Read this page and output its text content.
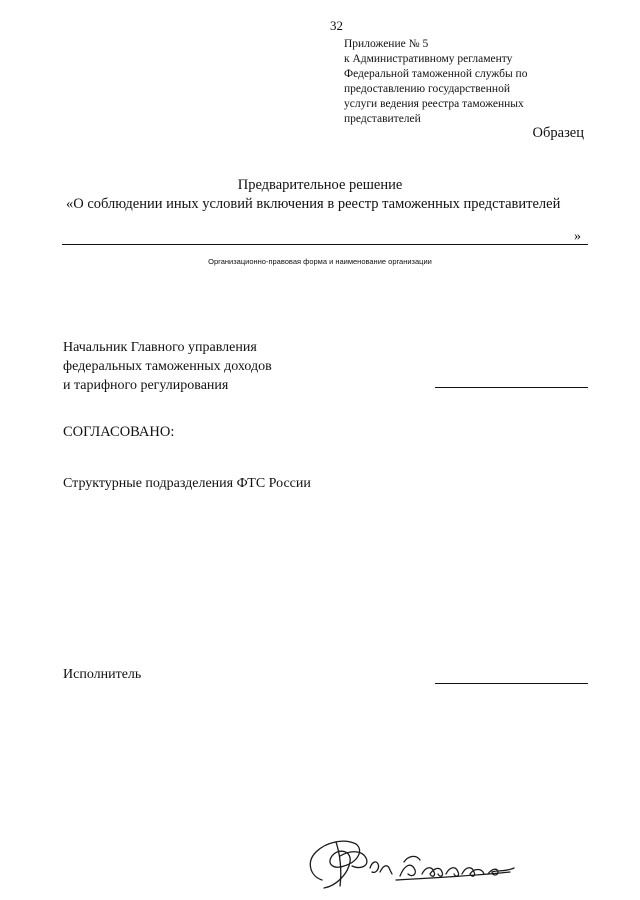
32
Приложение № 5
к Административному регламенту
Федеральной таможенной службы по
предоставлению государственной
услуги ведения реестра таможенных
представителей
Образец
Предварительное решение
«О соблюдении иных условий включения в реестр таможенных представителей
»
Организационно-правовая форма и наименование организации
Начальник Главного управления
федеральных таможенных доходов
и тарифного регулирования
СОГЛАСОВАНО:
Структурные подразделения ФТС России
Исполнитель
